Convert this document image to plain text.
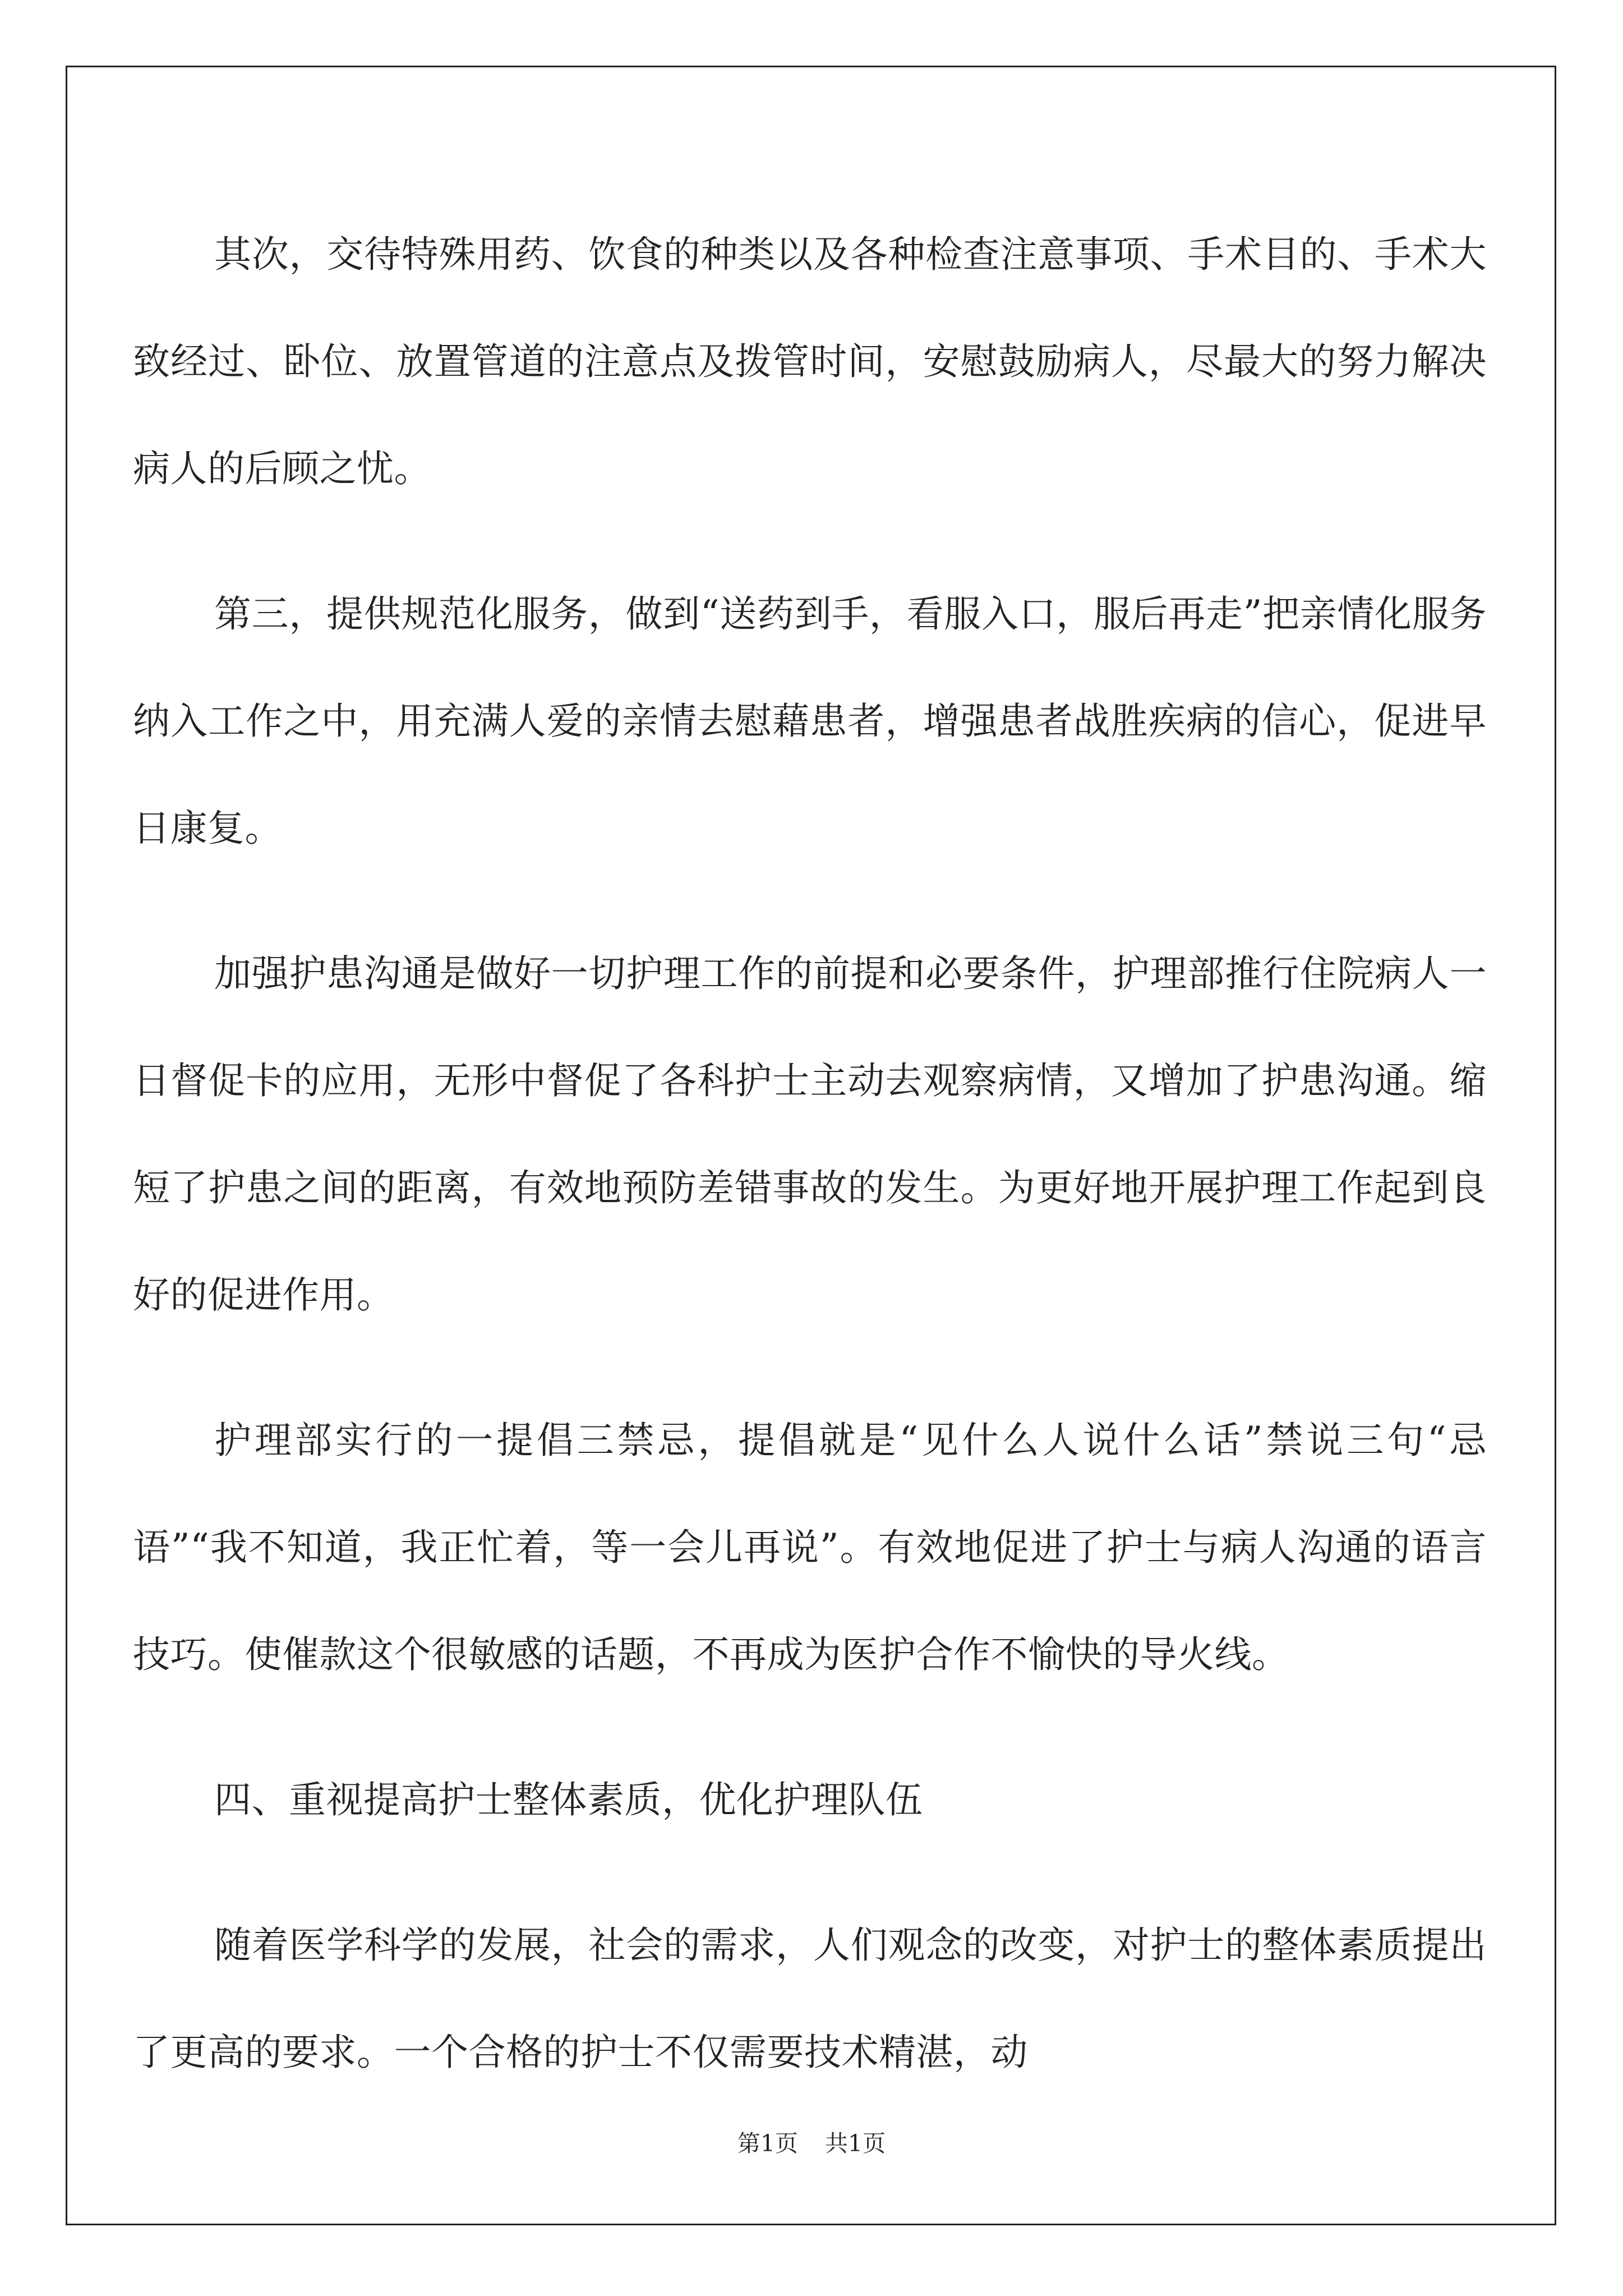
其次，交待特殊用药、饮食的种类以及各种检查注意事项、手术目的、手术大致经过、卧位、放置管道的注意点及拨管时间，安慰鼓励病人，尽最大的努力解决病人的后顾之忧。

第三，提供规范化服务，做到“送药到手，看服入口，服后再走”把亲情化服务纳入工作之中，用充满人爱的亲情去慰藉患者，增强患者战胜疾病的信心，促进早日康复。

加强护患沟通是做好一切护理工作的前提和必要条件，护理部推行住院病人一日督促卡的应用，无形中督促了各科护士主动去观察病情，又增加了护患沟通。缩短了护患之间的距离，有效地预防差错事故的发生。为更好地开展护理工作起到良好的促进作用。

护理部实行的一提倡三禁忌，提倡就是“见什么人说什么话”禁说三句“忌语”“我不知道，我正忙着，等一会儿再说”。有效地促进了护士与病人沟通的语言技巧。使催款这个很敏感的话题，不再成为医护合作不愉快的导火线。

四、重视提高护士整体素质，优化护理队伍

随着医学科学的发展，社会的需求，人们观念的改变，对护士的整体素质提出了更高的要求。一个合格的护士不仅需要技术精湛，动

第1页 共1页
